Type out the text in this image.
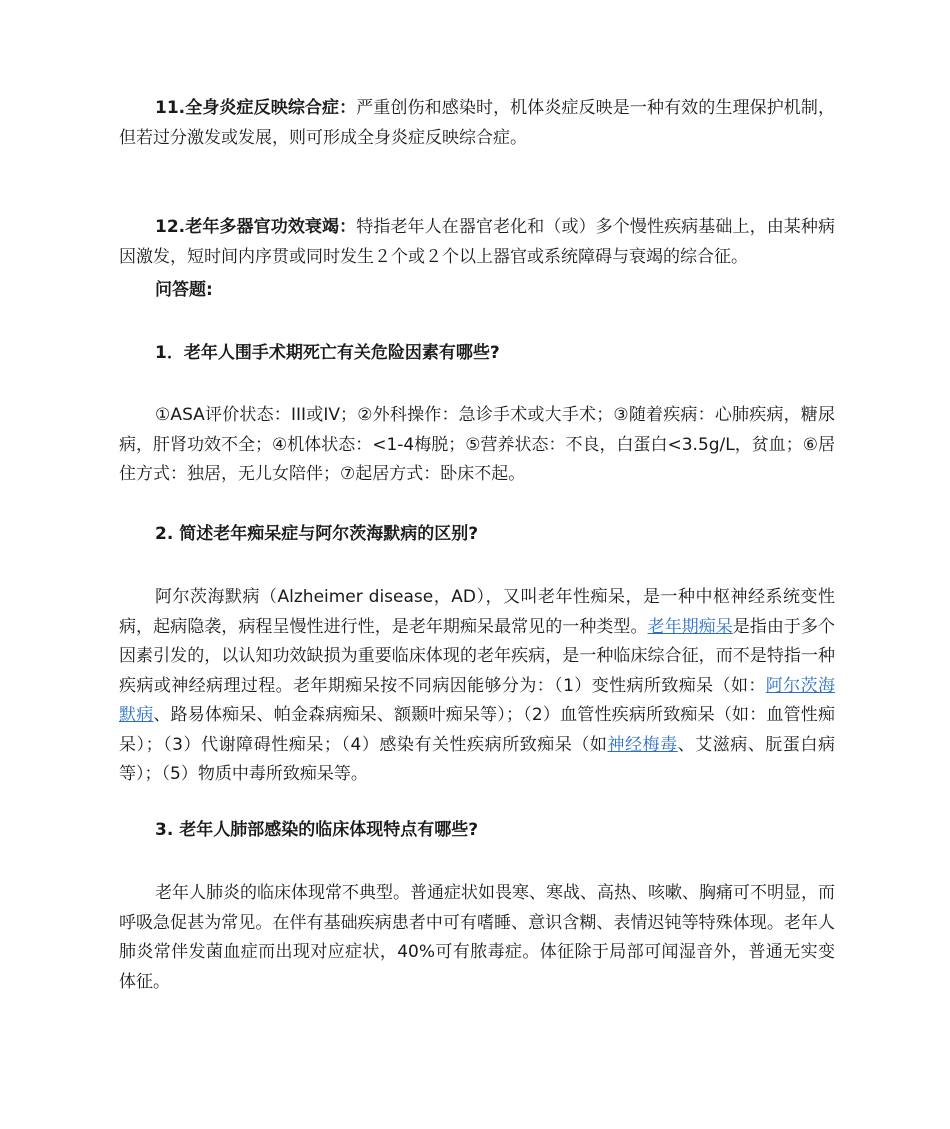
11.全身炎症反映综合症：严重创伤和感染时，机体炎症反映是一种有效的生理保护机制，但若过分激发或发展，则可形成全身炎症反映综合症。

12.老年多器官功效衰竭：特指老年人在器官老化和（或）多个慢性疾病基础上，由某种病因激发，短时间内序贯或同时发生２个或２个以上器官或系统障碍与衰竭的综合征。

问答题:

1．老年人围手术期死亡有关危险因素有哪些?

①ASA评价状态：III或IV；②外科操作：急诊手术或大手术；③随着疾病：心肺疾病，糖尿病，肝肾功效不全；④机体状态：<1-4梅脱；⑤营养状态：不良，白蛋白<3.5g/L，贫血；⑥居住方式：独居，无儿女陪伴；⑦起居方式：卧床不起。

2. 简述老年痴呆症与阿尔茨海默病的区别?

阿尔茨海默病（Alzheimer disease，AD），又叫老年性痴呆，是一种中枢神经系统变性病，起病隐袭，病程呈慢性进行性，是老年期痴呆最常见的一种类型。老年期痴呆是指由于多个因素引发的，以认知功效缺损为重要临床体现的老年疾病，是一种临床综合征，而不是特指一种疾病或神经病理过程。老年期痴呆按不同病因能够分为：（1）变性病所致痴呆（如：阿尔茨海默病、路易体痴呆、帕金森病痴呆、额颞叶痴呆等）；（2）血管性疾病所致痴呆（如：血管性痴呆）；（3）代谢障碍性痴呆；（4）感染有关性疾病所致痴呆（如神经梅毒、艾滋病、朊蛋白病等）；（5）物质中毒所致痴呆等。

3. 老年人肺部感染的临床体现特点有哪些?

老年人肺炎的临床体现常不典型。普通症状如畏寒、寒战、高热、咳嗽、胸痛可不明显，而呼吸急促甚为常见。在伴有基础疾病患者中可有嗜睡、意识含糊、表情迟钝等特殊体现。老年人肺炎常伴发菌血症而出现对应症状，40%可有脓毒症。体征除于局部可闻湿音外，普通无实变体征。
